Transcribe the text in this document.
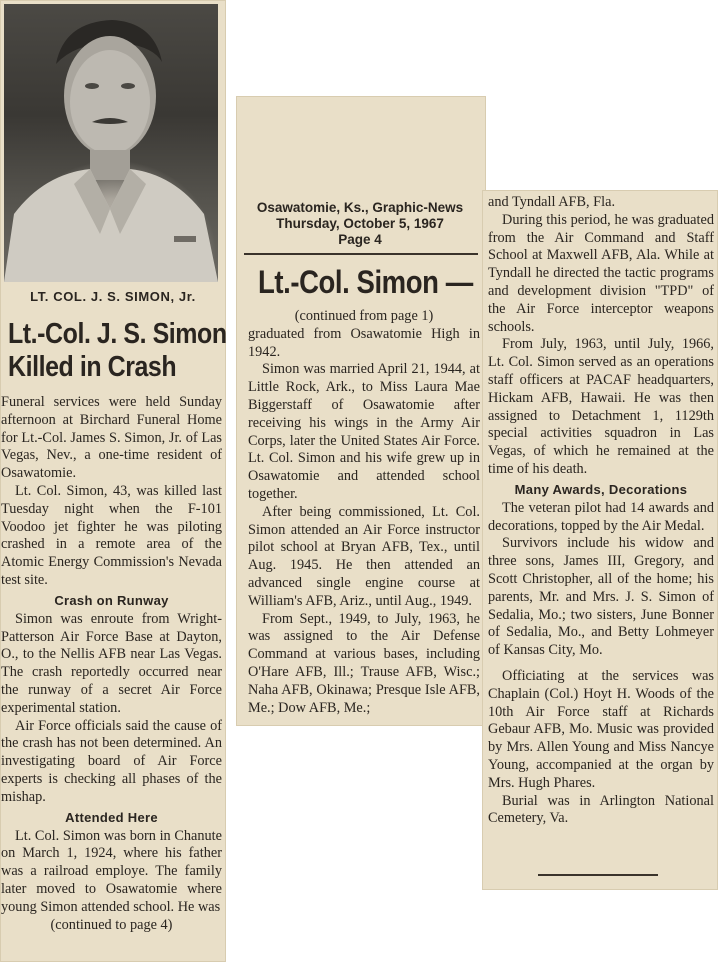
LT. COL. J. S. SIMON, Jr.
Lt.-Col. J. S. Simon
Killed in Crash

Funeral services were held Sunday afternoon at Birchard Funeral Home for Lt.-Col. James S. Simon, Jr. of Las Vegas, Nev., a one-time resident of Osawatomie.

Lt. Col. Simon, 43, was killed last Tuesday night when the F-101 Voodoo jet fighter he was piloting crashed in a remote area of the Atomic Energy Commission's Nevada test site.

Crash on Runway

Simon was enroute from Wright-Patterson Air Force Base at Dayton, O., to the Nellis AFB near Las Vegas. The crash reportedly occurred near the runway of a secret Air Force experimental station.

Air Force officials said the cause of the crash has not been determined. An investigating board of Air Force experts is checking all phases of the mishap.

Attended Here

Lt. Col. Simon was born in Chanute on March 1, 1924, where his father was a railroad employe. The family later moved to Osawatomie where young Simon attended school. He was

(continued to page 4)
Osawatomie, Ks., Graphic-News
Thursday, October 5, 1967
Page 4
Lt.-Col. Simon —
(continued from page 1)

graduated from Osawatomie High in 1942.

Simon was married April 21, 1944, at Little Rock, Ark., to Miss Laura Mae Biggerstaff of Osawatomie after receiving his wings in the Army Air Corps, later the United States Air Force. Lt. Col. Simon and his wife grew up in Osawatomie and attended school together.

After being commissioned, Lt. Col. Simon attended an Air Force instructor pilot school at Bryan AFB, Tex., until Aug. 1945. He then attended an advanced single engine course at William's AFB, Ariz., until Aug., 1949.

From Sept., 1949, to July, 1963, he was assigned to the Air Defense Command at various bases, including O'Hare AFB, Ill.; Trause AFB, Wisc.; Naha AFB, Okinawa; Presque Isle AFB, Me.; Dow AFB, Me.;

and Tyndall AFB, Fla.

During this period, he was graduated from the Air Command and Staff School at Maxwell AFB, Ala. While at Tyndall he directed the tactic programs and development division "TPD" of the Air Force interceptor weapons schools.

From July, 1963, until July, 1966, Lt. Col. Simon served as an operations staff officers at PACAF headquarters, Hickam AFB, Hawaii. He was then assigned to Detachment 1, 1129th special activities squadron in Las Vegas, of which he remained at the time of his death.

Many Awards, Decorations

The veteran pilot had 14 awards and decorations, topped by the Air Medal.

Survivors include his widow and three sons, James III, Gregory, and Scott Christopher, all of the home; his parents, Mr. and Mrs. J. S. Simon of Sedalia, Mo.; two sisters, June Bonner of Sedalia, Mo., and Betty Lohmeyer of Kansas City, Mo.

Officiating at the services was Chaplain (Col.) Hoyt H. Woods of the 10th Air Force staff at Richards Gebaur AFB, Mo. Music was provided by Mrs. Allen Young and Miss Nancye Young, accompanied at the organ by Mrs. Hugh Phares.

Burial was in Arlington National Cemetery, Va.
